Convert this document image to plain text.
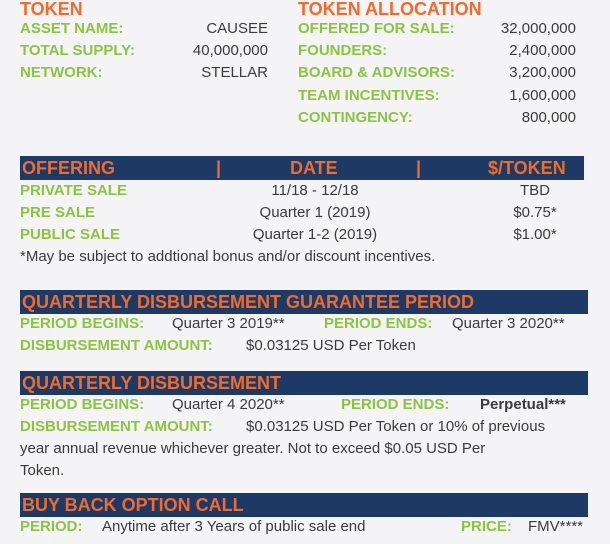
TOKEN
ASSET NAME:	CAUSEE
TOTAL SUPPLY:	40,000,000
NETWORK:	STELLAR
TOKEN ALLOCATION
OFFERED FOR SALE:	32,000,000
FOUNDERS:	2,400,000
BOARD & ADVISORS:	3,200,000
TEAM INCENTIVES:	1,600,000
CONTINGENCY:	800,000
OFFERING	|	DATE	|	$/TOKEN
PRIVATE SALE	11/18 - 12/18	TBD
PRE SALE	Quarter 1 (2019)	$0.75*
PUBLIC SALE	Quarter 1-2 (2019)	$1.00*
*May be subject to addtional bonus and/or discount incentives.
QUARTERLY DISBURSEMENT GUARANTEE PERIOD
PERIOD BEGINS: Quarter 3 2019**	PERIOD ENDS: Quarter 3 2020**
DISBURSEMENT AMOUNT: $0.03125 USD Per Token
QUARTERLY DISBURSEMENT
PERIOD BEGINS: Quarter 4 2020**	PERIOD ENDS: Perpetual***
DISBURSEMENT AMOUNT: $0.03125 USD Per Token or 10% of previous
year annual revenue whichever greater. Not to exceed $0.05 USD Per
Token.
BUY BACK OPTION CALL
PERIOD: Anytime after 3 Years of public sale end	PRICE: FMV****
